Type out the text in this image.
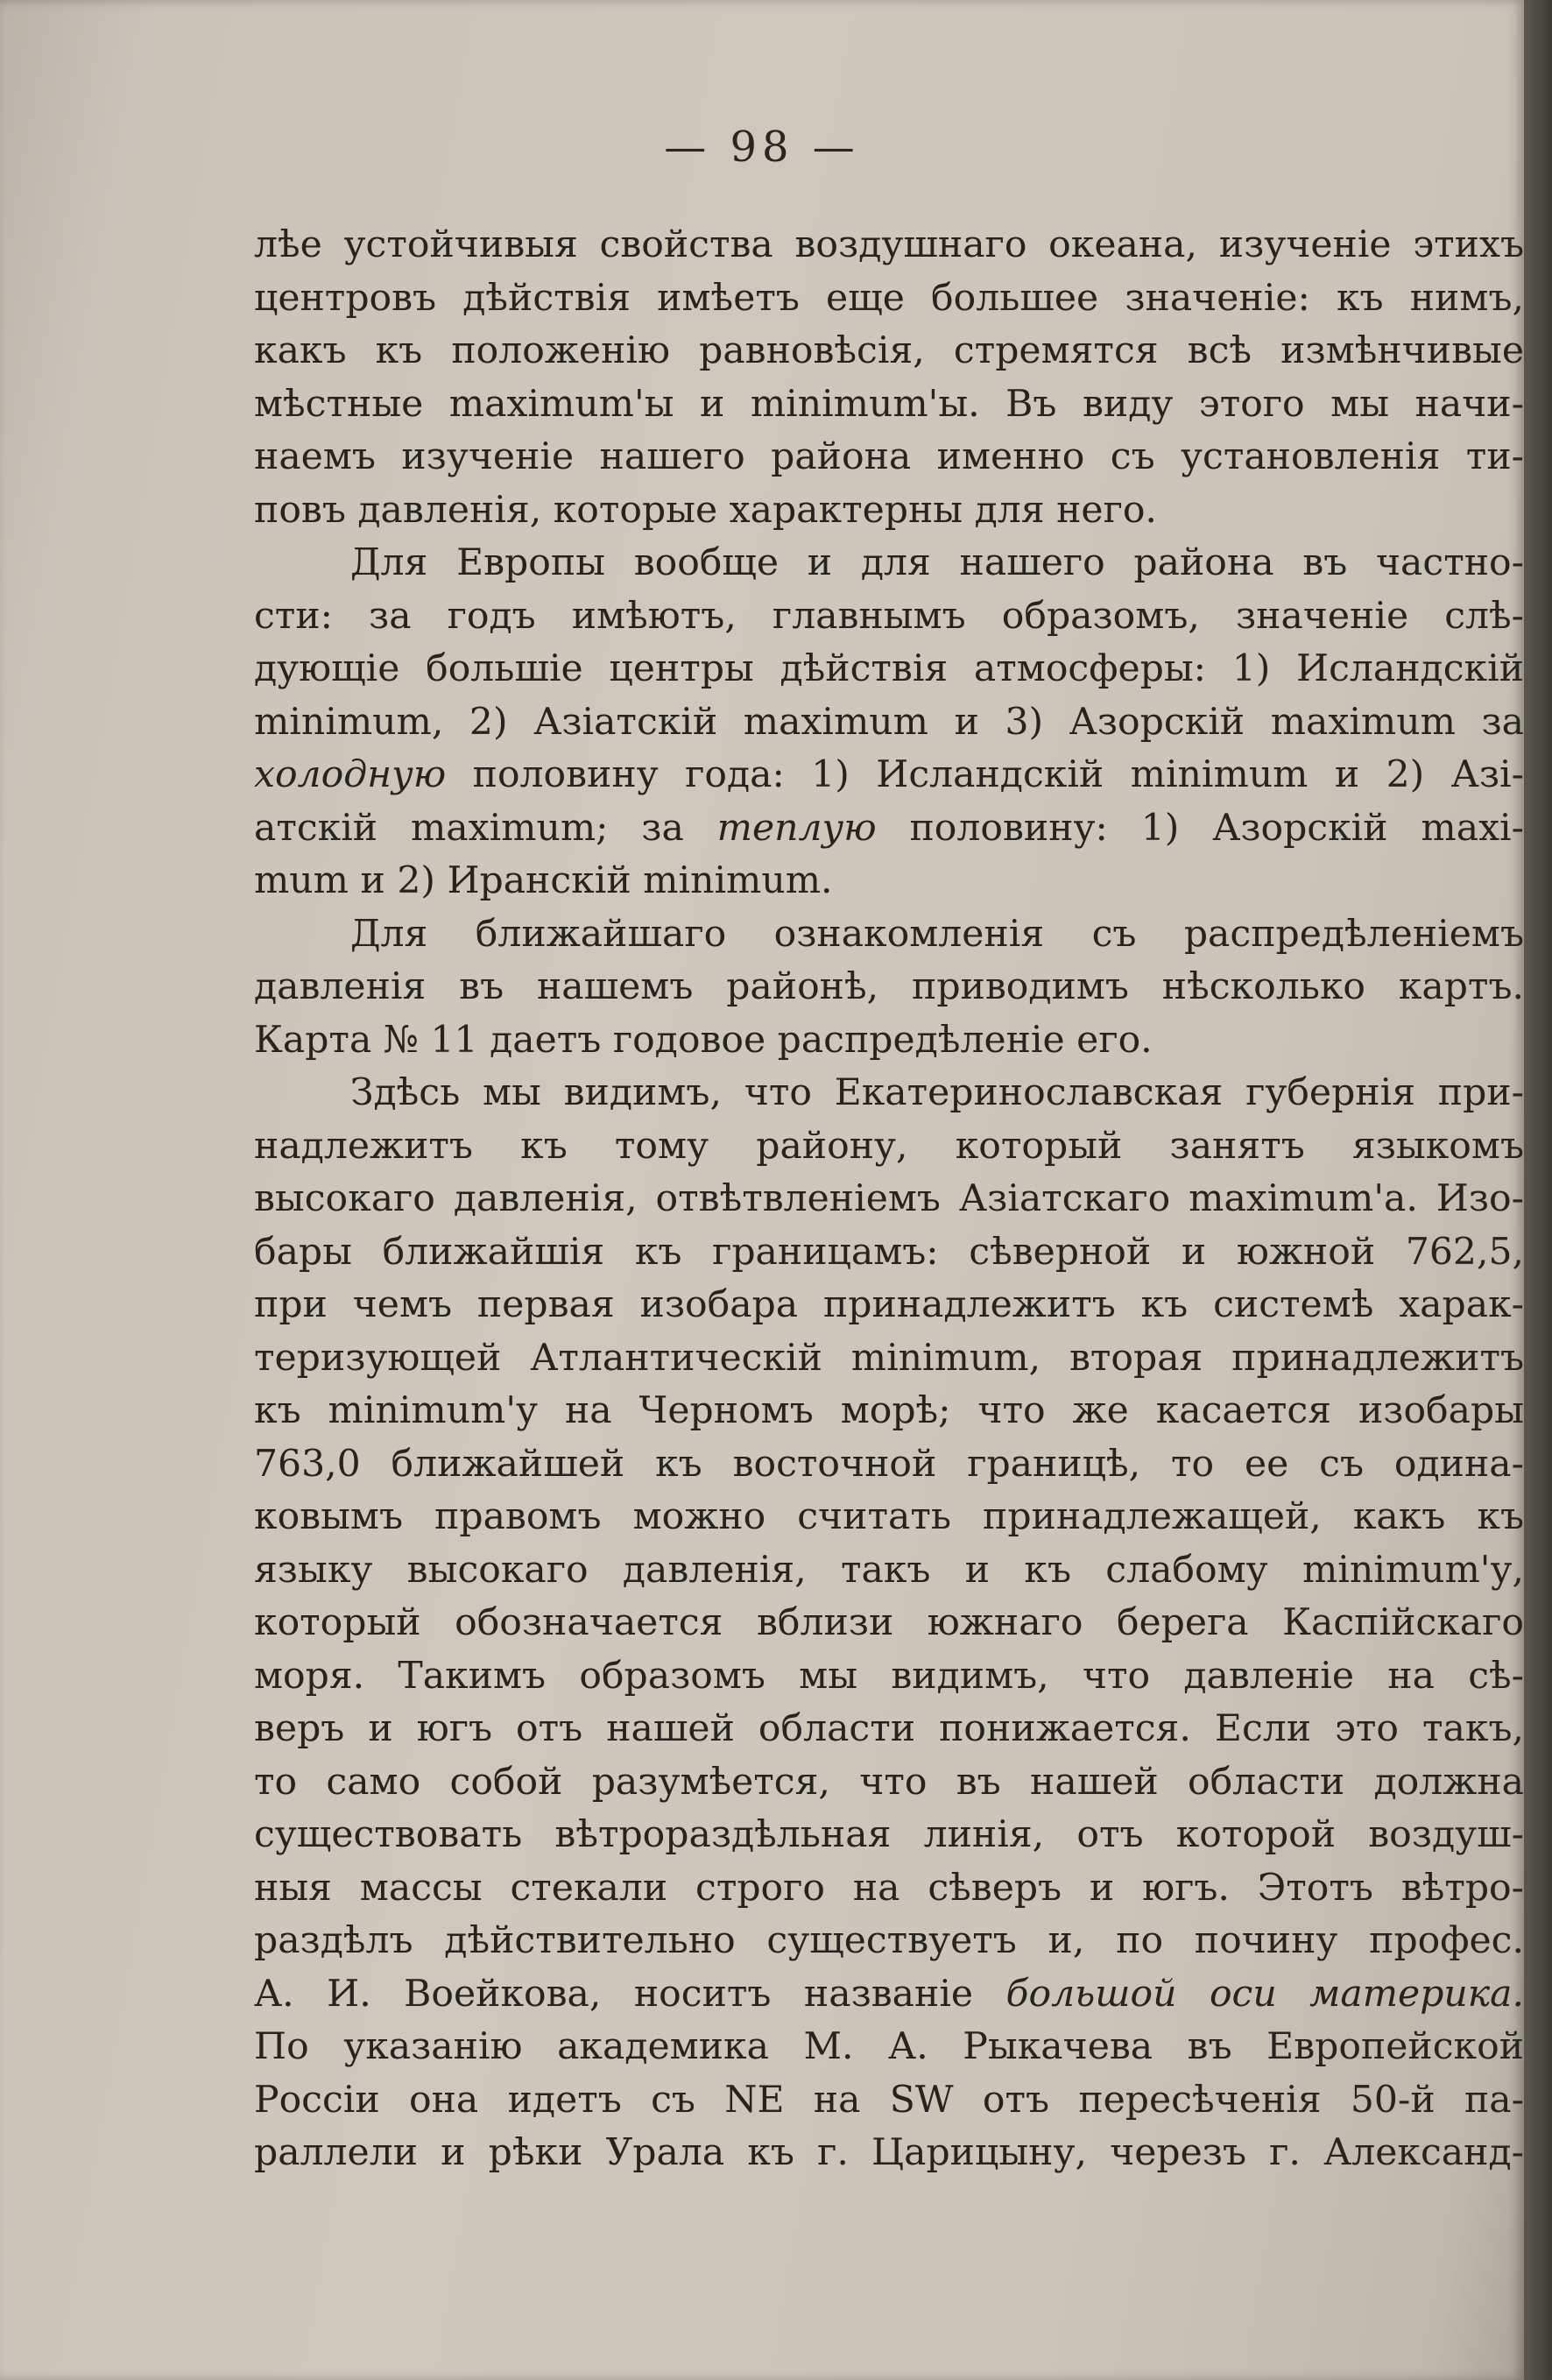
— 98 —
лѣе устойчивыя свойства воздушнаго океана, изученіе этихъ
центровъ дѣйствія имѣетъ еще большее значеніе: къ нимъ,
какъ къ положенію равновѣсія, стремятся всѣ измѣнчивые
мѣстные maximum'ы и minimum'ы. Въ виду этого мы начи-
наемъ изученіе нашего района именно съ установленія ти-
повъ давленія, которые характерны для него.
Для Европы вообще и для нашего района въ частно-
сти: за годъ имѣютъ, главнымъ образомъ, значеніе слѣ-
дующіе большіе центры дѣйствія атмосферы: 1) Исландскій
minimum, 2) Азіатскій maximum и 3) Азорскій maximum за
холодную половину года: 1) Исландскій minimum и 2) Азі-
атскій maximum; за теплую половину: 1) Азорскій maxi-
mum и 2) Иранскій minimum.
Для ближайшаго ознакомленія съ распредѣленіемъ
давленія въ нашемъ районѣ, приводимъ нѣсколько картъ.
Карта № 11 даетъ годовое распредѣленіе его.
Здѣсь мы видимъ, что Екатеринославская губернія при-
надлежитъ къ тому району, который занятъ языкомъ
высокаго давленія, отвѣтвленіемъ Азіатскаго maximum'а. Изо-
бары ближайшія къ границамъ: сѣверной и южной 762,5,
при чемъ первая изобара принадлежитъ къ системѣ харак-
теризующей Атлантическій minimum, вторая принадлежитъ
къ minimum'у на Черномъ морѣ; что же касается изобары
763,0 ближайшей къ восточной границѣ, то ее съ одина-
ковымъ правомъ можно считать принадлежащей, какъ къ
языку высокаго давленія, такъ и къ слабому minimum'у,
который обозначается вблизи южнаго берега Каспійскаго
моря. Такимъ образомъ мы видимъ, что давленіе на сѣ-
веръ и югъ отъ нашей области понижается. Если это такъ,
то само собой разумѣется, что въ нашей области должна
существовать вѣтрораздѣльная линія, отъ которой воздуш-
ныя массы стекали строго на сѣверъ и югъ. Этотъ вѣтро-
раздѣлъ дѣйствительно существуетъ и, по почину профес.
А. И. Воейкова, носитъ названіе большой оси материка.
По указанію академика М. А. Рыкачева въ Европейской
Россіи она идетъ съ NE на SW отъ пересѣченія 50-й па-
раллели и рѣки Урала къ г. Царицыну, черезъ г. Александ-
